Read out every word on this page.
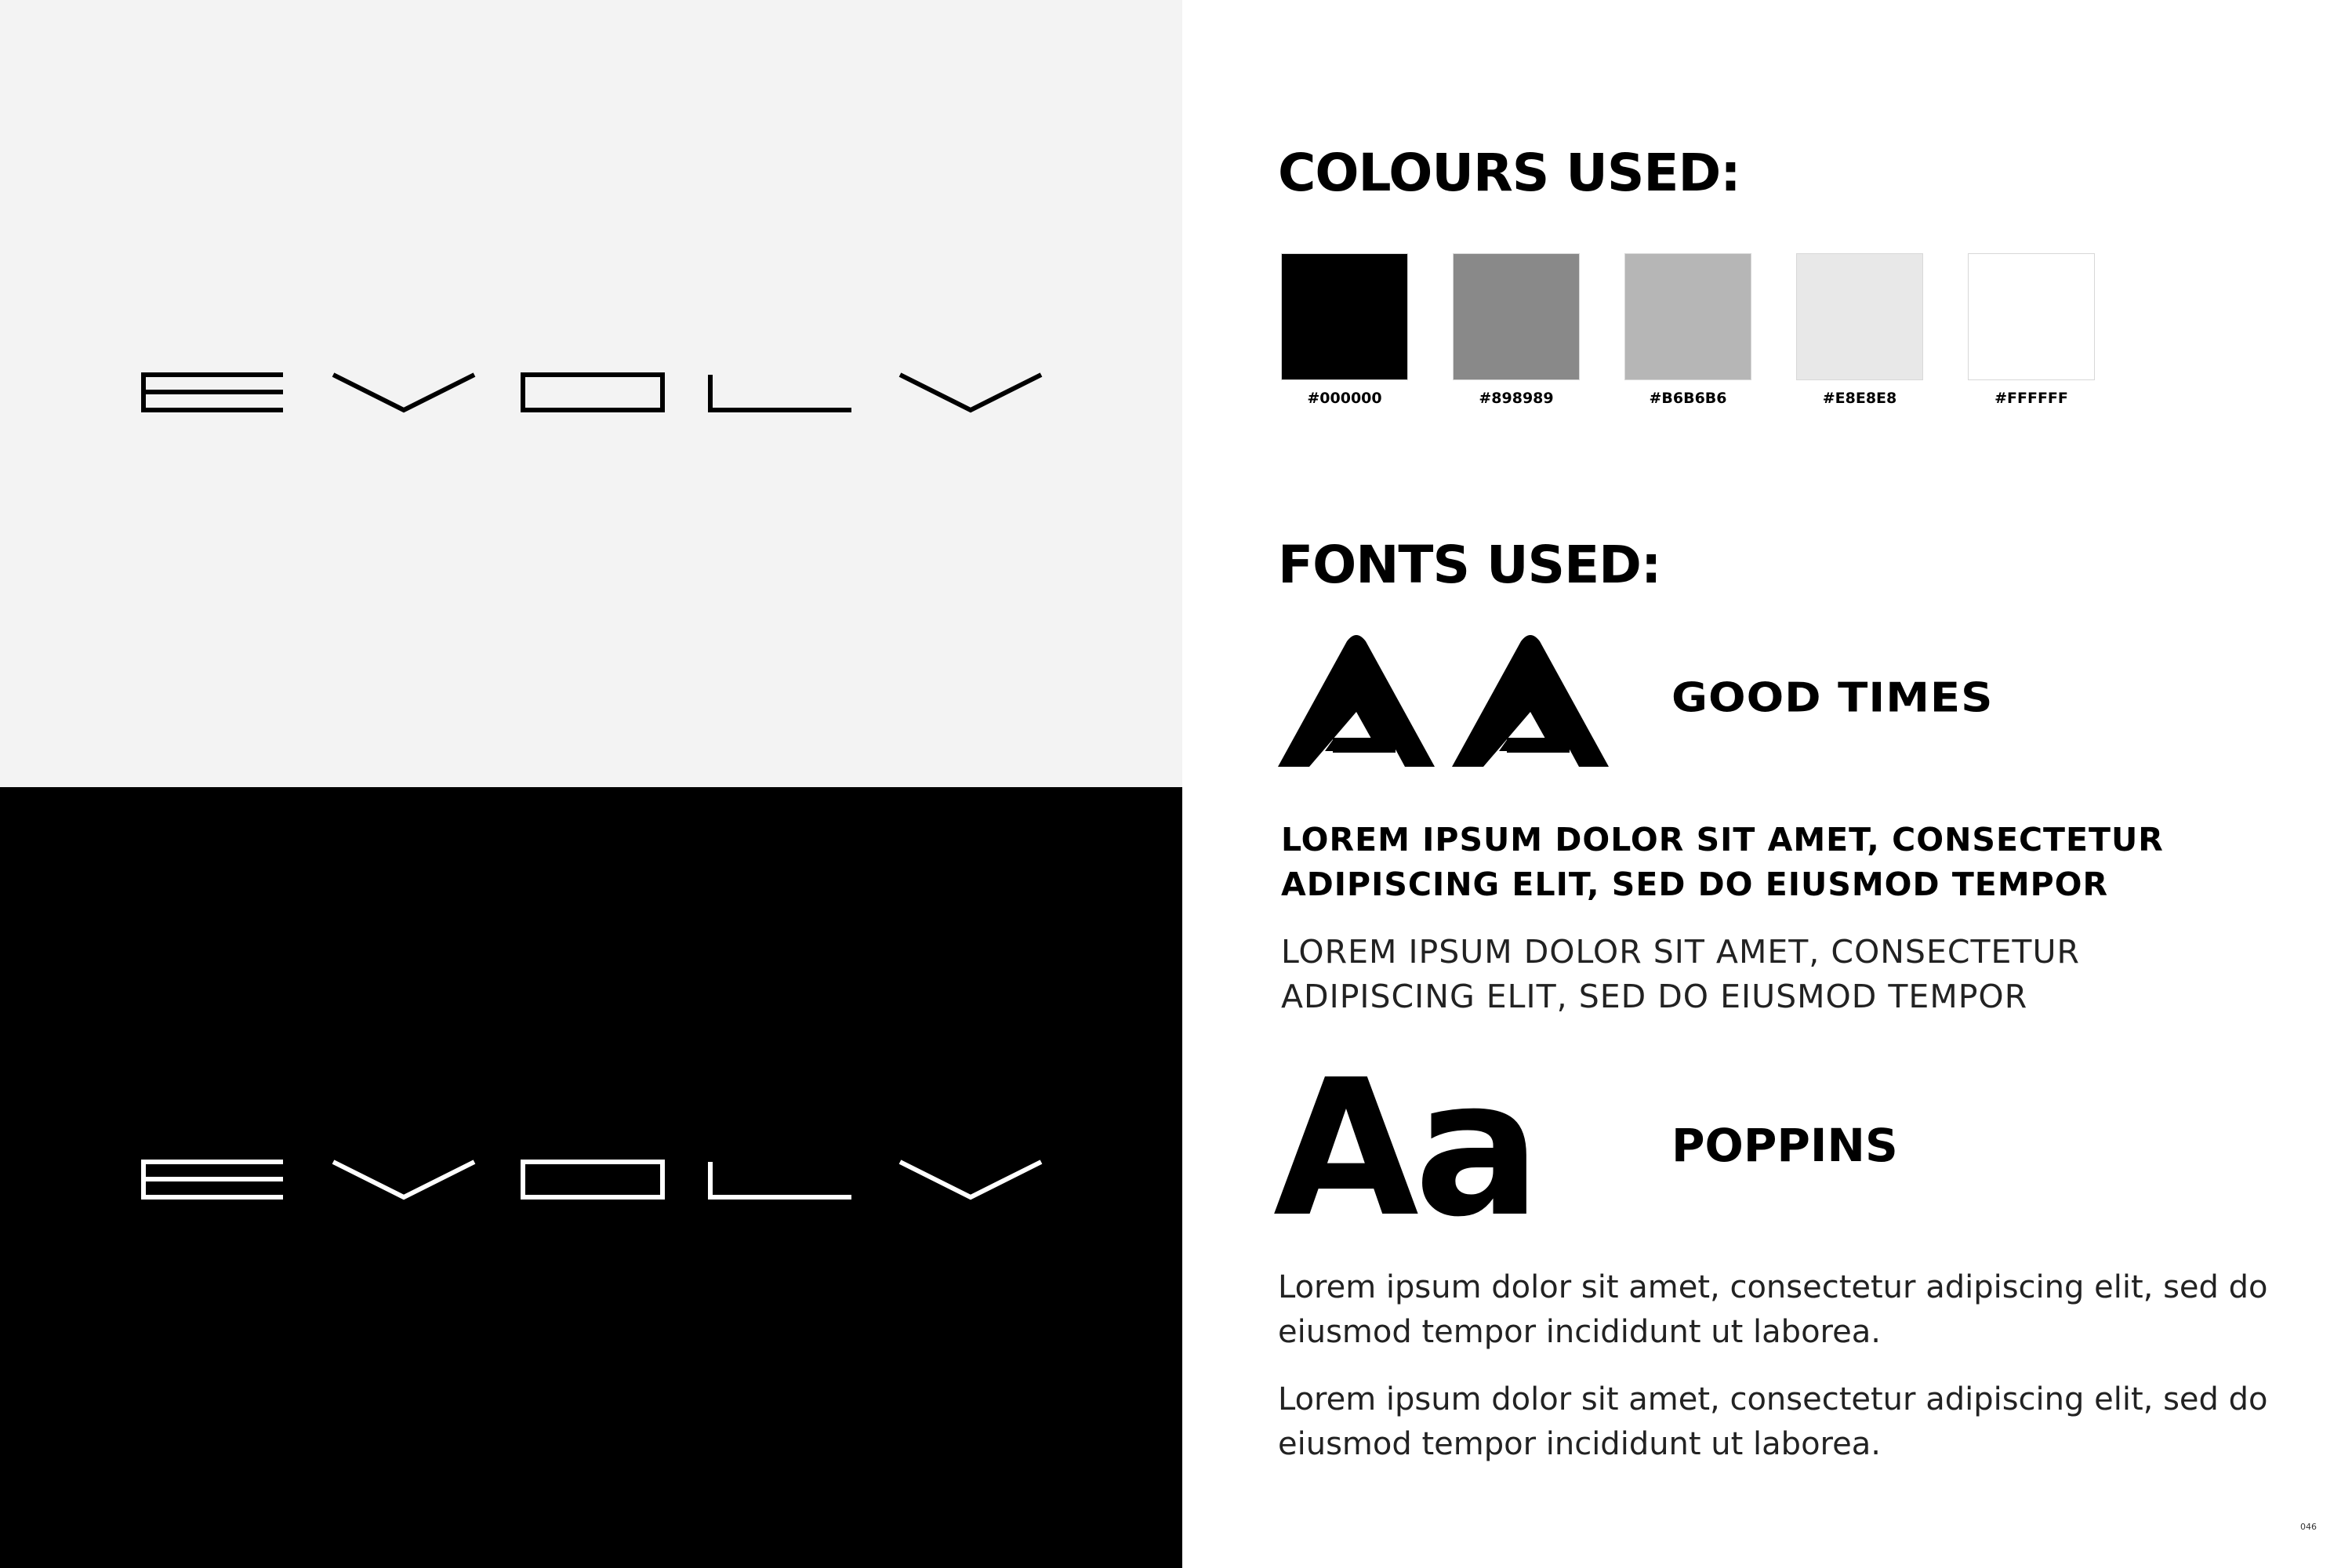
COLOURS USED:
#000000	#898989	#B6B6B6	#E8E8E8	#FFFFFF
FONTS USED:
GOOD TIMES

LOREM IPSUM DOLOR SIT AMET, CONSECTETUR ADIPISCING ELIT, SED DO EIUSMOD TEMPOR

LOREM IPSUM DOLOR SIT AMET, CONSECTETUR ADIPISCING ELIT, SED DO EIUSMOD TEMPOR

Aa	POPPINS

Lorem ipsum dolor sit amet, consectetur adipiscing elit, sed do eiusmod tempor incididunt ut laborea.

Lorem ipsum dolor sit amet, consectetur adipiscing elit, sed do eiusmod tempor incididunt ut laborea.

046
